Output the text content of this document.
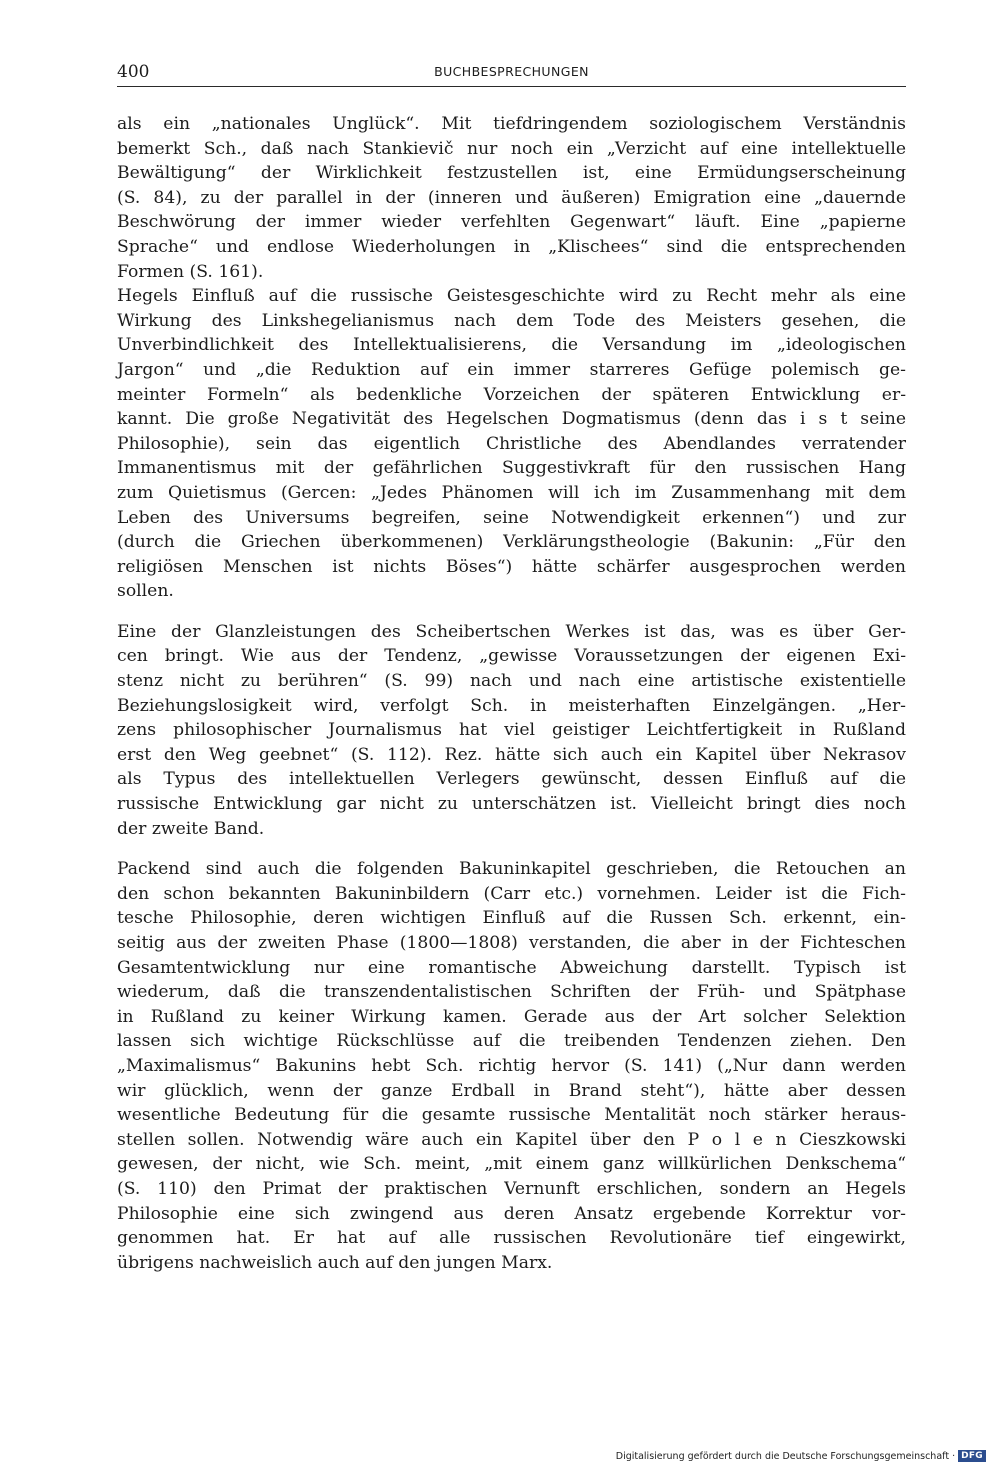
400	BUCHBESPRECHUNGEN

als ein „nationales Unglück“. Mit tiefdringendem soziologischem Verständnis
bemerkt Sch., daß nach Stankievič nur noch ein „Verzicht auf eine intellektuelle
Bewältigung“ der Wirklichkeit festzustellen ist, eine Ermüdungserscheinung
(S. 84), zu der parallel in der (inneren und äußeren) Emigration eine „dauernde
Beschwörung der immer wieder verfehlten Gegenwart“ läuft. Eine „papierne
Sprache“ und endlose Wiederholungen in „Klischees“ sind die entsprechenden
Formen (S. 161).

Hegels Einfluß auf die russische Geistesgeschichte wird zu Recht mehr als eine
Wirkung des Linkshegelianismus nach dem Tode des Meisters gesehen, die
Unverbindlichkeit des Intellektualisierens, die Versandung im „ideologischen
Jargon“ und „die Reduktion auf ein immer starreres Gefüge polemisch ge-
meinter Formeln“ als bedenkliche Vorzeichen der späteren Entwicklung er-
kannt. Die große Negativität des Hegelschen Dogmatismus (denn das i s t seine
Philosophie), sein das eigentlich Christliche des Abendlandes verratender
Immanentismus mit der gefährlichen Suggestivkraft für den russischen Hang
zum Quietismus (Gercen: „Jedes Phänomen will ich im Zusammenhang mit dem
Leben des Universums begreifen, seine Notwendigkeit erkennen“) und zur
(durch die Griechen überkommenen) Verklärungstheologie (Bakunin: „Für den
religiösen Menschen ist nichts Böses“) hätte schärfer ausgesprochen werden
sollen.

Eine der Glanzleistungen des Scheibertschen Werkes ist das, was es über Ger-
cen bringt. Wie aus der Tendenz, „gewisse Voraussetzungen der eigenen Exi-
stenz nicht zu berühren“ (S. 99) nach und nach eine artistische existentielle
Beziehungslosigkeit wird, verfolgt Sch. in meisterhaften Einzelgängen. „Her-
zens philosophischer Journalismus hat viel geistiger Leichtfertigkeit in Rußland
erst den Weg geebnet“ (S. 112). Rez. hätte sich auch ein Kapitel über Nekrasov
als Typus des intellektuellen Verlegers gewünscht, dessen Einfluß auf die
russische Entwicklung gar nicht zu unterschätzen ist. Vielleicht bringt dies noch
der zweite Band.

Packend sind auch die folgenden Bakuninkapitel geschrieben, die Retouchen an
den schon bekannten Bakuninbildern (Carr etc.) vornehmen. Leider ist die Fich-
tesche Philosophie, deren wichtigen Einfluß auf die Russen Sch. erkennt, ein-
seitig aus der zweiten Phase (1800—1808) verstanden, die aber in der Fichteschen
Gesamtentwicklung nur eine romantische Abweichung darstellt. Typisch ist
wiederum, daß die transzendentalistischen Schriften der Früh- und Spätphase
in Rußland zu keiner Wirkung kamen. Gerade aus der Art solcher Selektion
lassen sich wichtige Rückschlüsse auf die treibenden Tendenzen ziehen. Den
„Maximalismus“ Bakunins hebt Sch. richtig hervor (S. 141) („Nur dann werden
wir glücklich, wenn der ganze Erdball in Brand steht“), hätte aber dessen
wesentliche Bedeutung für die gesamte russische Mentalität noch stärker heraus-
stellen sollen. Notwendig wäre auch ein Kapitel über den P o l e n Cieszkowski
gewesen, der nicht, wie Sch. meint, „mit einem ganz willkürlichen Denkschema“
(S. 110) den Primat der praktischen Vernunft erschlichen, sondern an Hegels
Philosophie eine sich zwingend aus deren Ansatz ergebende Korrektur vor-
genommen hat. Er hat auf alle russischen Revolutionäre tief eingewirkt,
übrigens nachweislich auch auf den jungen Marx.

Digitalisierung gefördert durch die Deutsche Forschungsgemeinschaft · DFG
